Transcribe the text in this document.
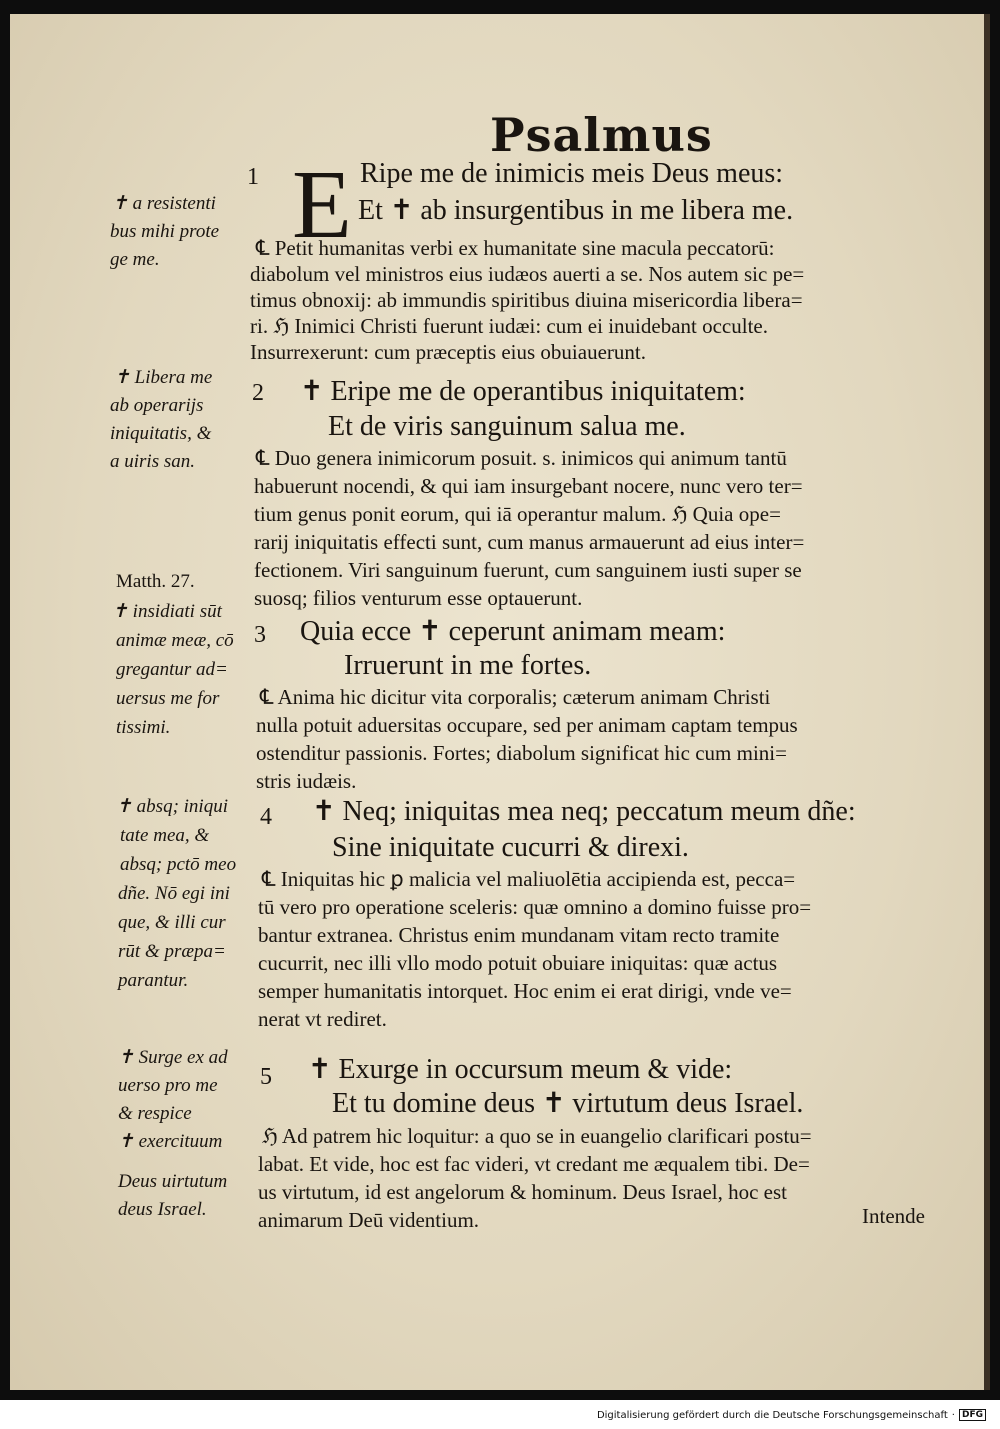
Psalmus
E
1
2
3
4
5
Ripe me de inimicis meis Deus meus:
Et ✝ ab insurgentibus in me libera me.
℄ Petit humanitas verbi ex humanitate sine macula peccatorū:
diabolum vel ministros eius iudæos auerti a se. Nos autem sic pe=
timus obnoxij: ab immundis spiritibus diuina misericordia libera=
ri. ℌ Inimici Christi fuerunt iudæi: cum ei inuidebant occulte.
Insurrexerunt: cum præceptis eius obuiauerunt.
✝ Eripe me de operantibus iniquitatem:
Et de viris sanguinum salua me.
℄ Duo genera inimicorum posuit. s. inimicos qui animum tantū
habuerunt nocendi, & qui iam insurgebant nocere, nunc vero ter=
tium genus ponit eorum, qui iā operantur malum. ℌ Quia ope=
rarij iniquitatis effecti sunt, cum manus armauerunt ad eius inter=
fectionem. Viri sanguinum fuerunt, cum sanguinem iusti super se
suosq; filios venturum esse optauerunt.
Quia ecce ✝ ceperunt animam meam:
Irruerunt in me fortes.
℄ Anima hic dicitur vita corporalis; cæterum animam Christi
nulla potuit aduersitas occupare, sed per animam captam tempus
ostenditur passionis. Fortes; diabolum significat hic cum mini=
stris iudæis.
✝ Neq; iniquitas mea neq; peccatum meum dñe:
Sine iniquitate cucurri & direxi.
℄ Iniquitas hic ꝑ malicia vel maliuolētia accipienda est, pecca=
tū vero pro operatione sceleris: quæ omnino a domino fuisse pro=
bantur extranea. Christus enim mundanam vitam recto tramite
cucurrit, nec illi vllo modo potuit obuiare iniquitas: quæ actus
semper humanitatis intorquet. Hoc enim ei erat dirigi, vnde ve=
nerat vt rediret.
✝ Exurge in occursum meum & vide:
Et tu domine deus ✝ virtutum deus Israel.
ℌ Ad patrem hic loquitur: a quo se in euangelio clarificari postu=
labat. Et vide, hoc est fac videri, vt credant me æqualem tibi. De=
us virtutum, id est angelorum & hominum. Deus Israel, hoc est
animarum Deū videntium.	Intende
✝ a resistenti
bus mihi prote
ge me.
✝ Libera me
ab operarijs
iniquitatis, &
a uiris san.
Matth. 27.
✝ insidiati sūt
animæ meæ, cō
gregantur ad=
uersus me for
tissimi.
✝ absq; iniqui
tate mea, &
absq; pctō meo
dñe. Nō egi ini
que, & illi cur
rūt & præpa=
parantur.
✝ Surge ex ad
uerso pro me
& respice
✝ exercituum
Deus uirtutum
deus Israel.
Digitalisierung gefördert durch die Deutsche Forschungsgemeinschaft · DFG
